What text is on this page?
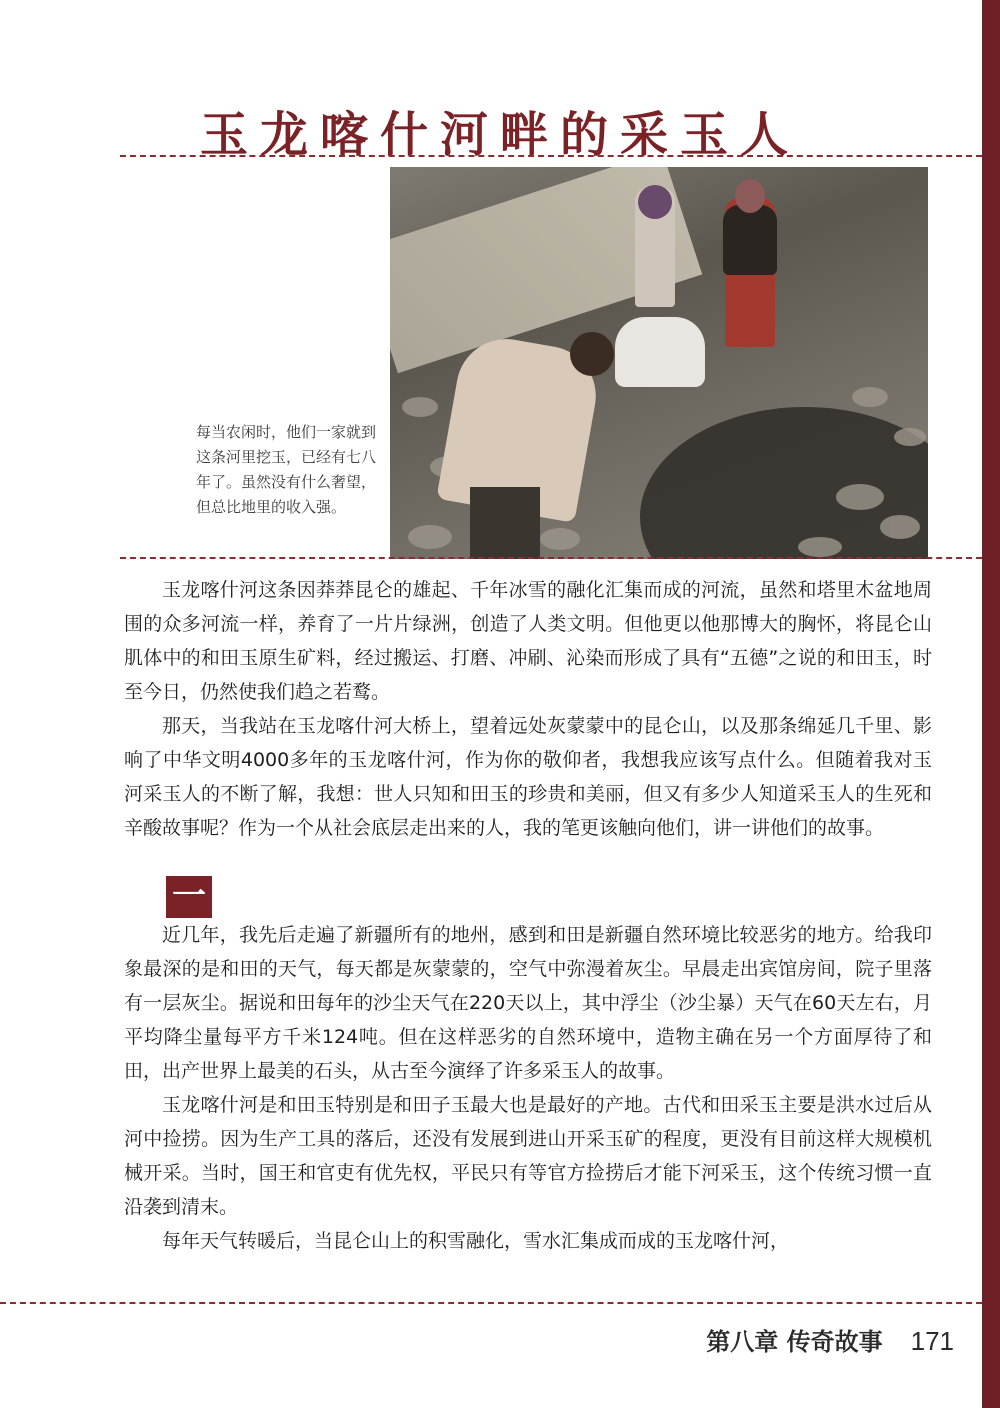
玉龙喀什河畔的采玉人
每当农闲时，他们一家就到这条河里挖玉，已经有七八年了。虽然没有什么奢望，但总比地里的收入强。

玉龙喀什河这条因莽莽昆仑的雄起、千年冰雪的融化汇集而成的河流，虽然和塔里木盆地周围的众多河流一样，养育了一片片绿洲，创造了人类文明。但他更以他那博大的胸怀，将昆仑山肌体中的和田玉原生矿料，经过搬运、打磨、冲刷、沁染而形成了具有“五德”之说的和田玉，时至今日，仍然使我们趋之若鹜。

那天，当我站在玉龙喀什河大桥上，望着远处灰蒙蒙中的昆仑山，以及那条绵延几千里、影响了中华文明4000多年的玉龙喀什河，作为你的敬仰者，我想我应该写点什么。但随着我对玉河采玉人的不断了解，我想：世人只知和田玉的珍贵和美丽，但又有多少人知道采玉人的生死和辛酸故事呢？作为一个从社会底层走出来的人，我的笔更该触向他们，讲一讲他们的故事。

一

近几年，我先后走遍了新疆所有的地州，感到和田是新疆自然环境比较恶劣的地方。给我印象最深的是和田的天气，每天都是灰蒙蒙的，空气中弥漫着灰尘。早晨走出宾馆房间，院子里落有一层灰尘。据说和田每年的沙尘天气在220天以上，其中浮尘（沙尘暴）天气在60天左右，月平均降尘量每平方千米124吨。但在这样恶劣的自然环境中，造物主确在另一个方面厚待了和田，出产世界上最美的石头，从古至今演绎了许多采玉人的故事。

玉龙喀什河是和田玉特别是和田子玉最大也是最好的产地。古代和田采玉主要是洪水过后从河中捡捞。因为生产工具的落后，还没有发展到进山开采玉矿的程度，更没有目前这样大规模机械开采。当时，国王和官吏有优先权，平民只有等官方捡捞后才能下河采玉，这个传统习惯一直沿袭到清末。

每年天气转暖后，当昆仑山上的积雪融化，雪水汇集成而成的玉龙喀什河，

第八章 传奇故事 171
